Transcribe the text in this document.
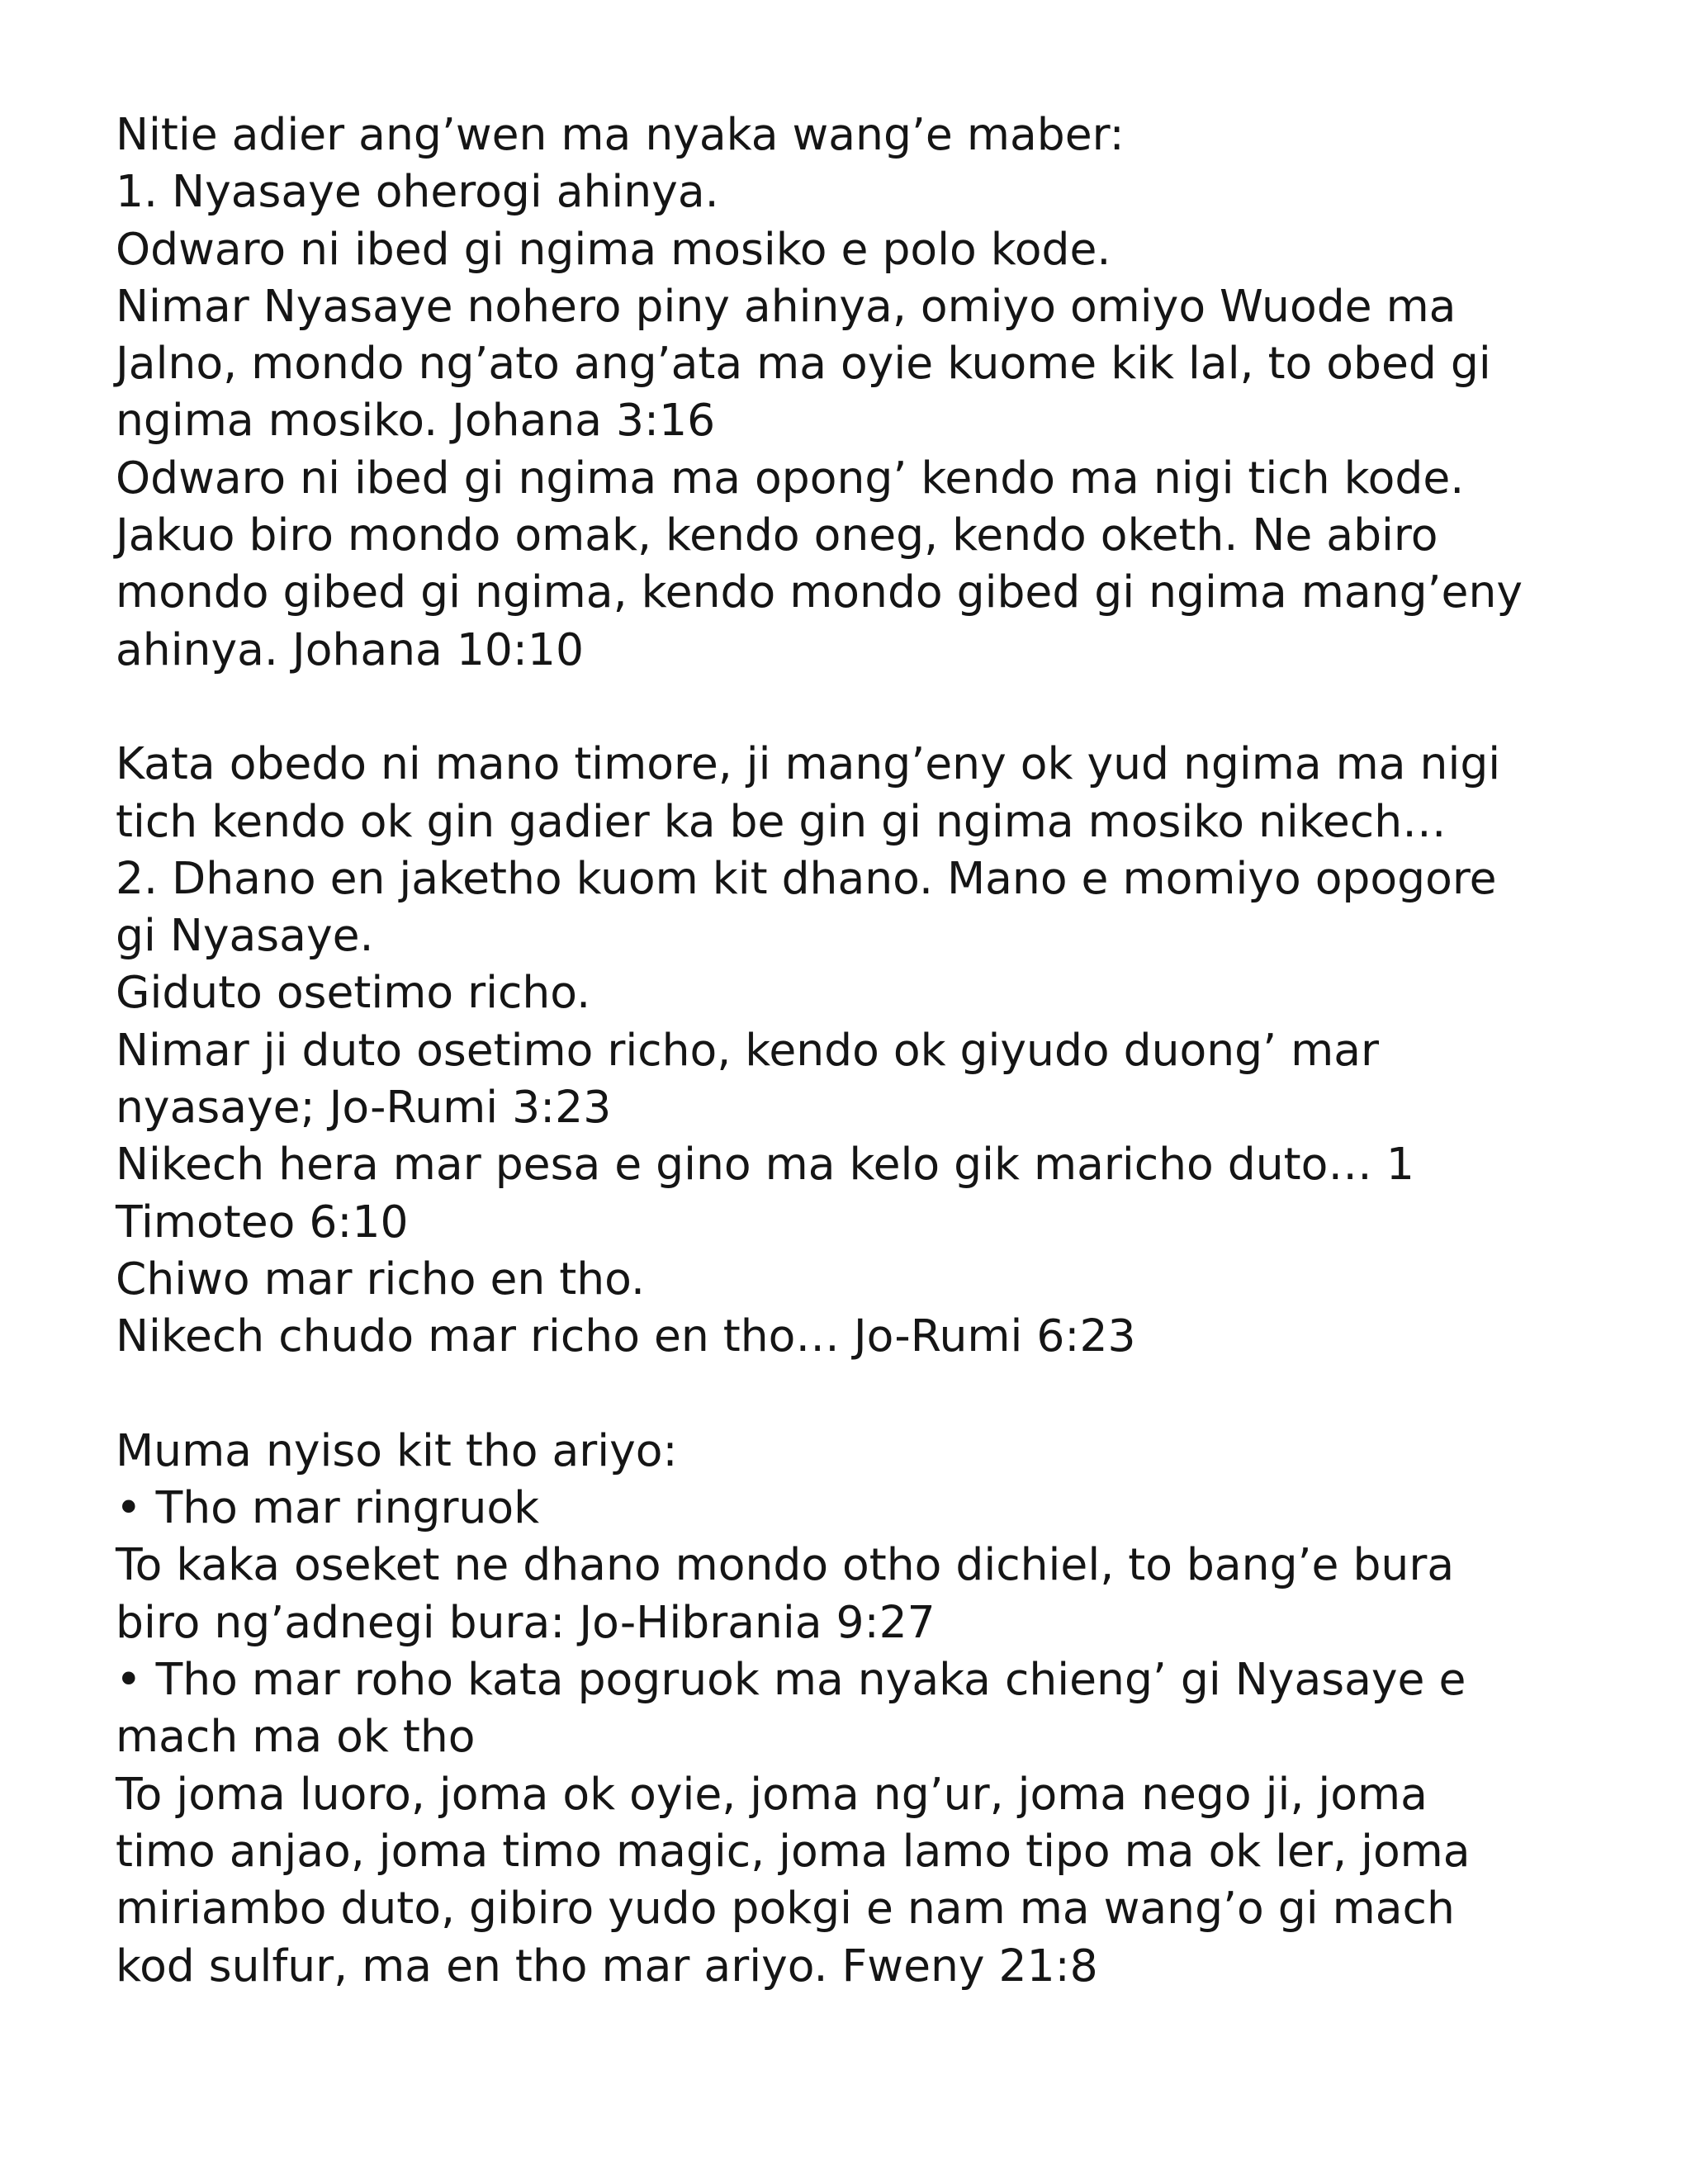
Nitie adier ang’wen ma nyaka wang’e maber:
1. Nyasaye oherogi ahinya.
Odwaro ni ibed gi ngima mosiko e polo kode.
Nimar Nyasaye nohero piny ahinya, omiyo omiyo Wuode ma
Jalno, mondo ng’ato ang’ata ma oyie kuome kik lal, to obed gi
ngima mosiko. Johana 3:16
Odwaro ni ibed gi ngima ma opong’ kendo ma nigi tich kode.
Jakuo biro mondo omak, kendo oneg, kendo oketh. Ne abiro
mondo gibed gi ngima, kendo mondo gibed gi ngima mang’eny
ahinya. Johana 10:10
Kata obedo ni mano timore, ji mang’eny ok yud ngima ma nigi
tich kendo ok gin gadier ka be gin gi ngima mosiko nikech…
2. Dhano en jaketho kuom kit dhano. Mano e momiyo opogore
gi Nyasaye.
Giduto osetimo richo.
Nimar ji duto osetimo richo, kendo ok giyudo duong’ mar
nyasaye; Jo-Rumi 3:23
Nikech hera mar pesa e gino ma kelo gik maricho duto… 1
Timoteo 6:10
Chiwo mar richo en tho.
Nikech chudo mar richo en tho… Jo-Rumi 6:23
Muma nyiso kit tho ariyo:
• Tho mar ringruok
To kaka oseket ne dhano mondo otho dichiel, to bang’e bura
biro ng’adnegi bura: Jo-Hibrania 9:27
• Tho mar roho kata pogruok ma nyaka chieng’ gi Nyasaye e
mach ma ok tho
To joma luoro, joma ok oyie, joma ng’ur, joma nego ji, joma
timo anjao, joma timo magic, joma lamo tipo ma ok ler, joma
miriambo duto, gibiro yudo pokgi e nam ma wang’o gi mach
kod sulfur, ma en tho mar ariyo. Fweny 21:8
